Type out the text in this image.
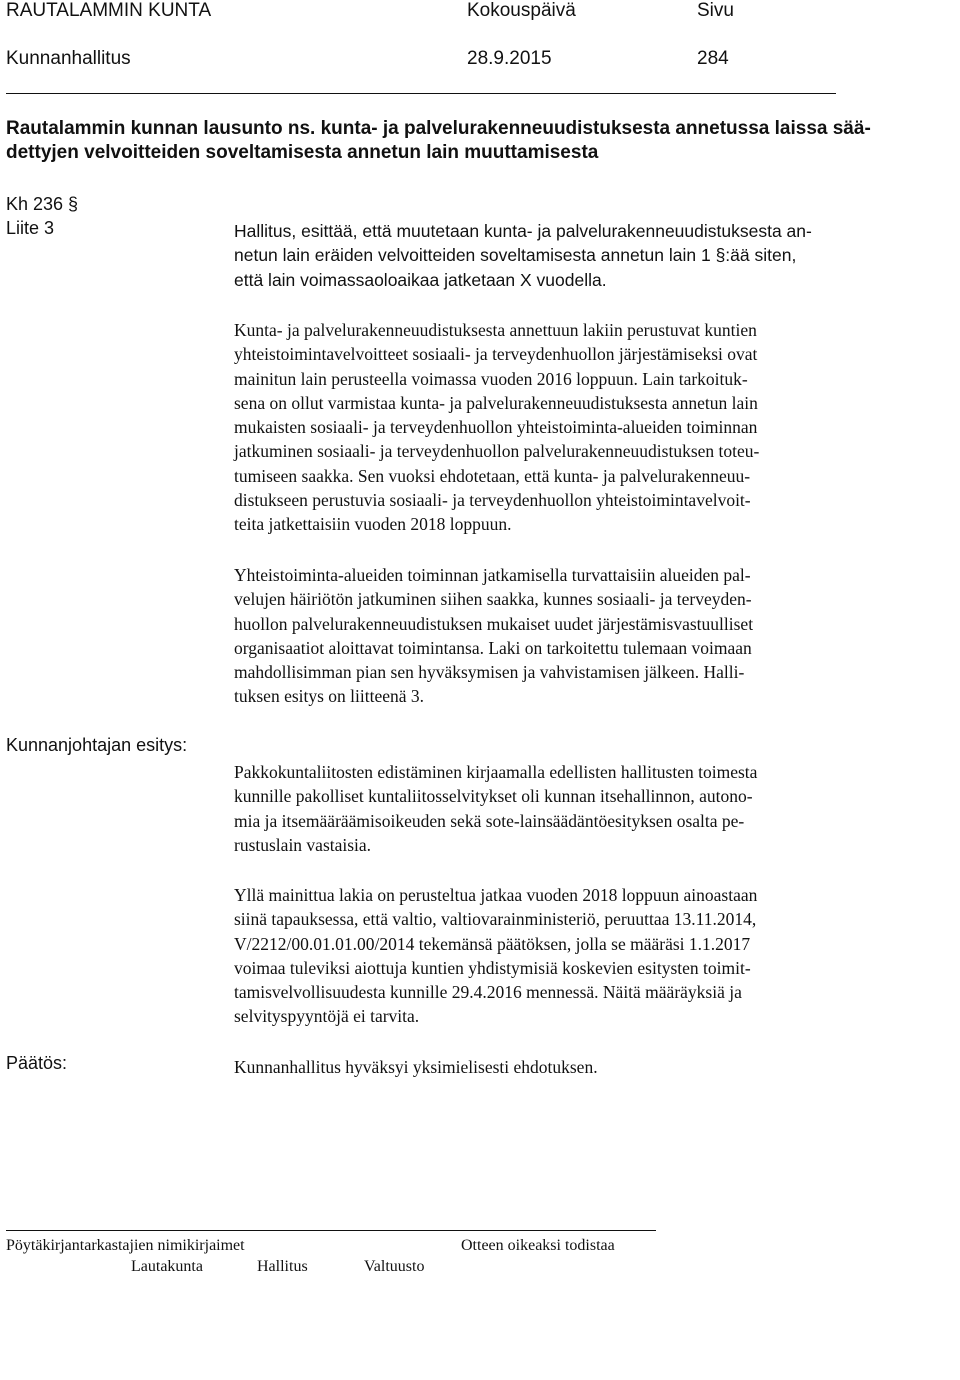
RAUTALAMMIN KUNTA	Kokouspäivä	Sivu
Kunnanhallitus	28.9.2015	284
Rautalammin kunnan lausunto ns. kunta- ja palvelurakenneuudistuksesta annetussa laissa sää-
dettyjen velvoitteiden soveltamisesta annetun lain muuttamisesta
Kh 236 §
Liite 3
Kunnanjohtajan esitys:
Päätös:
Hallitus, esittää, että muutetaan kunta- ja palvelurakenneuudistuksesta an-
netun lain eräiden velvoitteiden soveltamisesta annetun lain 1 §:ää siten,
että lain voimassaoloaikaa jatketaan X vuodella.
Kunta- ja palvelurakenneuudistuksesta annettuun lakiin perustuvat kuntien
yhteistoimintavelvoitteet sosiaali- ja terveydenhuollon järjestämiseksi ovat
mainitun lain perusteella voimassa vuoden 2016 loppuun. Lain tarkoituk-
sena on ollut varmistaa kunta- ja palvelurakenneuudistuksesta annetun lain
mukaisten sosiaali- ja terveydenhuollon yhteistoiminta-alueiden toiminnan
jatkuminen sosiaali- ja terveydenhuollon palvelurakenneuudistuksen toteu-
tumiseen saakka. Sen vuoksi ehdotetaan, että kunta- ja palvelurakenneuu-
distukseen perustuvia sosiaali- ja terveydenhuollon yhteistoimintavelvoit-
teita jatkettaisiin vuoden 2018 loppuun.
Yhteistoiminta-alueiden toiminnan jatkamisella turvattaisiin alueiden pal-
velujen häiriötön jatkuminen siihen saakka, kunnes sosiaali- ja terveyden-
huollon palvelurakenneuudistuksen mukaiset uudet järjestämisvastuulliset
organisaatiot aloittavat toimintansa. Laki on tarkoitettu tulemaan voimaan
mahdollisimman pian sen hyväksymisen ja vahvistamisen jälkeen. Halli-
tuksen esitys on liitteenä 3.
Pakkokuntaliitosten edistäminen kirjaamalla edellisten hallitusten toimesta
kunnille pakolliset kuntaliitosselvitykset oli kunnan itsehallinnon, autono-
mia ja itsemääräämisoikeuden sekä sote-lainsäädäntöesityksen osalta pe-
rustuslain vastaisia.
Yllä mainittua lakia on perusteltua jatkaa vuoden 2018 loppuun ainoastaan
siinä tapauksessa, että valtio, valtiovarainministeriö, peruuttaa 13.11.2014,
V/2212/00.01.01.00/2014 tekemänsä päätöksen, jolla se määräsi 1.1.2017
voimaa tuleviksi aiottuja kuntien yhdistymisiä koskevien esitysten toimit-
tamisvelvollisuudesta kunnille 29.4.2016 mennessä. Näitä määräyksiä ja
selvityspyyntöjä ei tarvita.
Kunnanhallitus hyväksyi yksimielisesti ehdotuksen.
Pöytäkirjantarkastajien nimikirjaimet	Otteen oikeaksi todistaa
Lautakunta	Hallitus	Valtuusto
